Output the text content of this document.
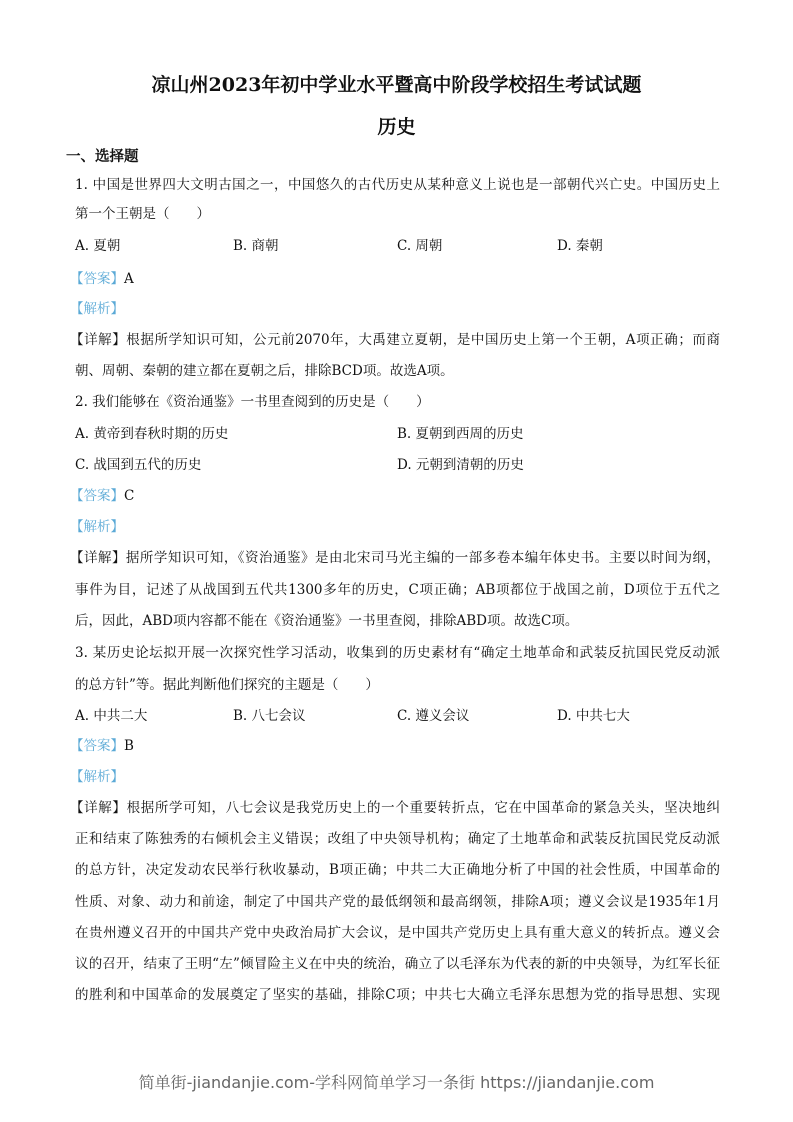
凉山州2023年初中学业水平暨高中阶段学校招生考试试题
历史
一、选择题
1. 中国是世界四大文明古国之一，中国悠久的古代历史从某种意义上说也是一部朝代兴亡史。中国历史上
第一个王朝是（　　）
A. 夏朝	B. 商朝	C. 周朝	D. 秦朝
【答案】A
【解析】
【详解】根据所学知识可知，公元前2070年，大禹建立夏朝，是中国历史上第一个王朝，A项正确；而商
朝、周朝、秦朝的建立都在夏朝之后，排除BCD项。故选A项。
2. 我们能够在《资治通鉴》一书里查阅到的历史是（　　）
A. 黄帝到春秋时期的历史	B. 夏朝到西周的历史
C. 战国到五代的历史	D. 元朝到清朝的历史
【答案】C
【解析】
【详解】据所学知识可知，《资治通鉴》是由北宋司马光主编的一部多卷本编年体史书。主要以时间为纲，
事件为目，记述了从战国到五代共1300多年的历史，C项正确；AB项都位于战国之前，D项位于五代之
后，因此，ABD项内容都不能在《资治通鉴》一书里查阅，排除ABD项。故选C项。
3. 某历史论坛拟开展一次探究性学习活动，收集到的历史素材有“确定土地革命和武装反抗国民党反动派
的总方针”等。据此判断他们探究的主题是（　　）
A. 中共二大	B. 八七会议	C. 遵义会议	D. 中共七大
【答案】B
【解析】
【详解】根据所学可知，八七会议是我党历史上的一个重要转折点，它在中国革命的紧急关头，坚决地纠
正和结束了陈独秀的右倾机会主义错误；改组了中央领导机构；确定了土地革命和武装反抗国民党反动派
的总方针，决定发动农民举行秋收暴动，B项正确；中共二大正确地分析了中国的社会性质，中国革命的
性质、对象、动力和前途，制定了中国共产党的最低纲领和最高纲领，排除A项；遵义会议是1935年1月
在贵州遵义召开的中国共产党中央政治局扩大会议，是中国共产党历史上具有重大意义的转折点。遵义会
议的召开，结束了王明“左”倾冒险主义在中央的统治，确立了以毛泽东为代表的新的中央领导，为红军长征
的胜利和中国革命的发展奠定了坚实的基础，排除C项；中共七大确立毛泽东思想为党的指导思想、实现
简单街-jiandanjie.com-学科网简单学习一条街 https://jiandanjie.com
